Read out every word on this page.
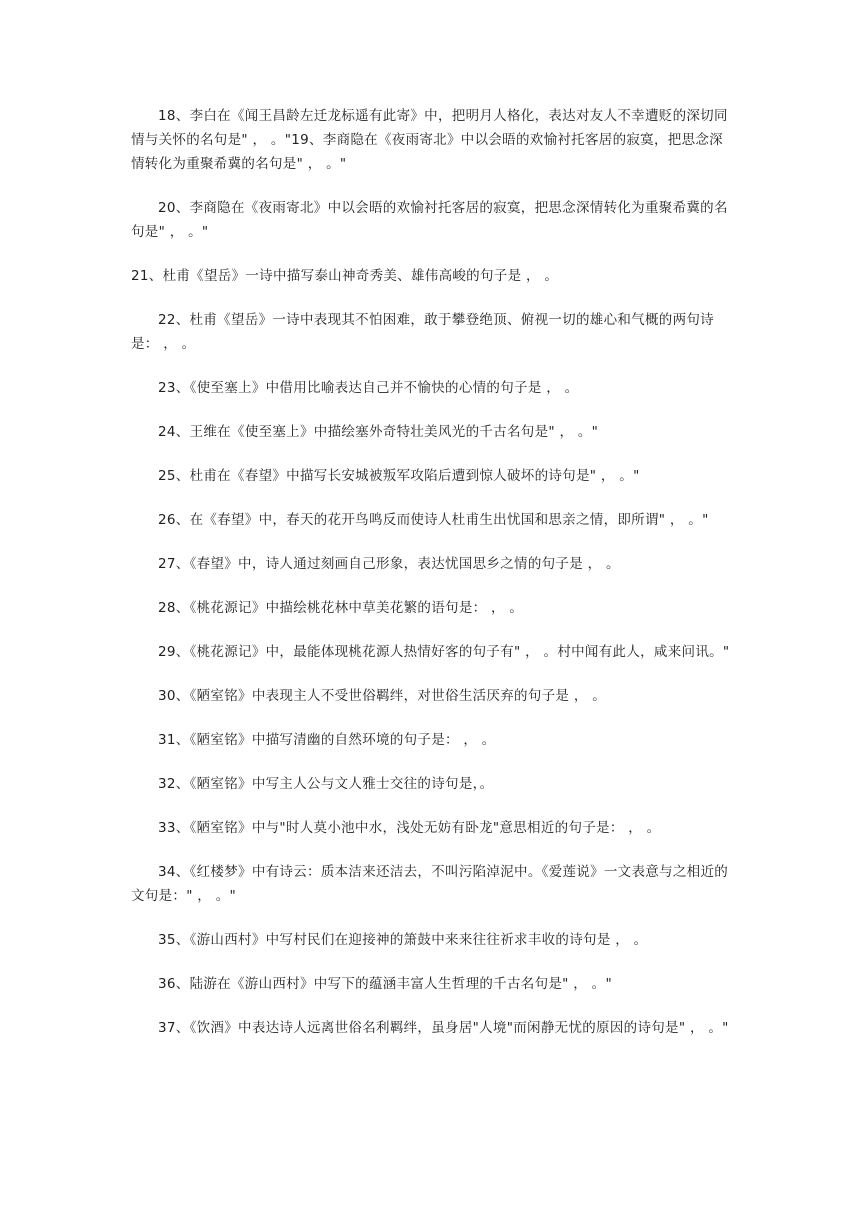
18、李白在《闻王昌龄左迁龙标遥有此寄》中，把明月人格化，表达对友人不幸遭贬的深切同情与关怀的名句是" ， 。"19、李商隐在《夜雨寄北》中以会晤的欢愉衬托客居的寂寞，把思念深情转化为重聚希冀的名句是" ， 。"

20、李商隐在《夜雨寄北》中以会晤的欢愉衬托客居的寂寞，把思念深情转化为重聚希冀的名句是" ， 。"

21、杜甫《望岳》一诗中描写泰山神奇秀美、雄伟高峻的句子是 ， 。

22、杜甫《望岳》一诗中表现其不怕困难，敢于攀登绝顶、俯视一切的雄心和气概的两句诗是： ， 。

23、《使至塞上》中借用比喻表达自己并不愉快的心情的句子是 ， 。

24、王维在《使至塞上》中描绘塞外奇特壮美风光的千古名句是" ， 。"

25、杜甫在《春望》中描写长安城被叛军攻陷后遭到惊人破坏的诗句是" ， 。"

26、在《春望》中，春天的花开鸟鸣反而使诗人杜甫生出忧国和思亲之情，即所谓" ， 。"

27、《春望》中，诗人通过刻画自己形象，表达忧国思乡之情的句子是 ， 。

28、《桃花源记》中描绘桃花林中草美花繁的语句是： ， 。

29、《桃花源记》中，最能体现桃花源人热情好客的句子有" ， 。村中闻有此人，咸来问讯。"

30、《陋室铭》中表现主人不受世俗羁绊，对世俗生活厌弃的句子是 ， 。

31、《陋室铭》中描写清幽的自然环境的句子是： ， 。

32、《陋室铭》中写主人公与文人雅士交往的诗句是，。

33、《陋室铭》中与"时人莫小池中水，浅处无妨有卧龙"意思相近的句子是： ， 。

34、《红楼梦》中有诗云：质本洁来还洁去，不叫污陷淖泥中。《爱莲说》一文表意与之相近的文句是：" ， 。"

35、《游山西村》中写村民们在迎接神的箫鼓中来来往往祈求丰收的诗句是 ， 。

36、陆游在《游山西村》中写下的蕴涵丰富人生哲理的千古名句是" ， 。"

37、《饮酒》中表达诗人远离世俗名利羁绊，虽身居"人境"而闲静无忧的原因的诗句是" ， 。"
